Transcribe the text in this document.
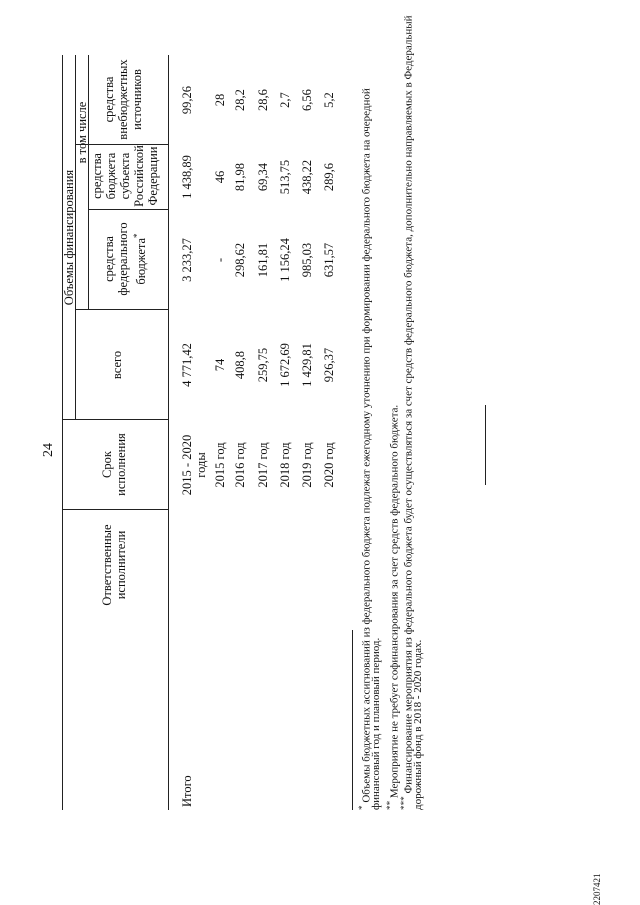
24
Ответственные исполнители
Срок исполнения
Объемы финансирования
всего
средства федерального бюджета*
в том числе
средства бюджета субъекта Российской Федерации
средства внебюджетных источников
Итого
2015 - 2020 годы 2015 год 2016 год 2017 год 2018 год 2019 год 2020 год
4 771,42 74 408,8 259,75 1 672,69 1 429,81 926,37
3 233,27 - 298,62 161,81 1 156,24 985,03 631,57
1 438,89 46 81,98 69,34 513,75 438,22 289,6
99,26 28 28,2 28,6 2,7 6,56 5,2
* Объемы бюджетных ассигнований из федерального бюджета подлежат ежегодному уточнению при формировании федерального бюджета на очередной
финансовый год и плановый период. ** Мероприятие не требует софинансирования за счет средств федерального бюджета.
*** Финансирование мероприятия из федерального бюджета будет осуществляться за счет средств федерального бюджета, дополнительно направляемых в Федеральный
дорожный фонд в 2018 - 2020 годах.
2207421
